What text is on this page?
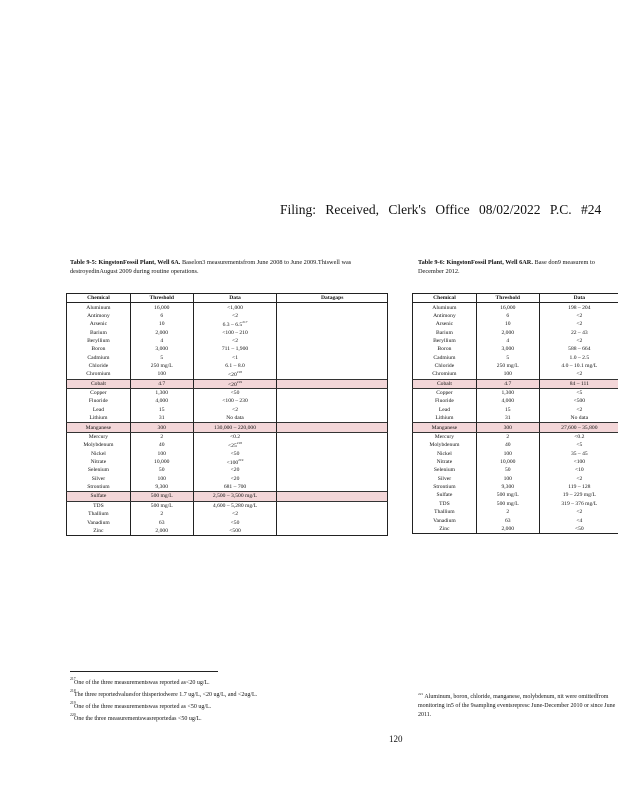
Filing: Received, Clerk's Office 08/02/2022 P.C. #24
Table 9-5: KingstonFossil Plant, Well 6A. Baselon3 measurementsfrom June 2008 to June 2009.Thiswell was destroyedinAugust 2009 during routine operations.
Table 9-6: KingstonFossil Plant, Well 6AR. Base don9 measurem to December 2012.
Chemical	Threshold	Data	Datagaps
Aluminum	16,000	<1,000	
Antimony	6	<2	
Arsenic	10	$6.3 - 6.5^{217}$	
Barium	2,000	<100 – 210	
Beryllium	4	<2	
Boron	3,000	711 – 1,900	
Cadmium	5	<1	
Chloride	250 mg/L	6.1 – 8.0	
Chromium	100	$<20^{218}$	
Cobalt	4.7	$<20^{219}$	
Copper	1,300	<50	
Fluoride	4,000	<100 – 230	
Lead	15	<2	
Lithium	31	No data	
Manganese	300	130,000 – 220,000	
Mercury	2	<0.2	
Molybdenum	40	$<25^{218}$	
Nickel	100	<50	
Nitrate	10,000	$<100^{219}$	
Selenium	50	<20	
Silver	100	<20	
Strontium	9,300	681 – 700	
Sulfate	500 mg/L	2,500 – 3,500 mg/L	
TDS	500 mg/L	4,600 – 5,280 mg/L	
Thallium	2	<2	
Vanadium	63	<50	
Zinc	2,000	<500	
Chemical	Threshold	Data
Aluminum	16,000	198 – 204
Antimony	6	<2
Arsenic	10	<2
Barium	2,000	22 – 43
Beryllium	4	<2
Boron	3,000	588 – 664
Cadmium	5	1.0 – 2.5
Chloride	250 mg/L	4.0 – 10.1 mg/L
Chromium	100	<2
Cobalt	4.7	84 – 111
Copper	1,300	<5
Fluoride	4,000	<500
Lead	15	<2
Lithium	31	No data
Manganese	300	27,600 – 35,800
Mercury	2	<0.2
Molybdenum	40	<5
Nickel	100	35 – 45
Nitrate	10,000	<100
Selenium	50	<10
Silver	100	<2
Strontium	9,300	119 – 128
Sulfate	500 mg/L	19 – 229 mg/L
TDS	500 mg/L	319 – 376 mg/L
Thallium	2	<2
Vanadium	63	<4
Zinc	2,000	<50
217
One of the three measurementswas reported as<20 ug/L.
218
The three reportedvaluesfor thisperiodwere 1.7 ug/L, <20 ug/L, and <2ug/L.
219
One of the three measurementswas reported as <50 ug/L.
220
One the three measurementswasreportedas <50 ug/L.
$^{221}$ Aluminum, boron, chloride, manganese, molybdenum, nit were omittedfrom monitoring in5 of the 9sampling eventsrepresc June-December 2010 or since June 2011.
120
